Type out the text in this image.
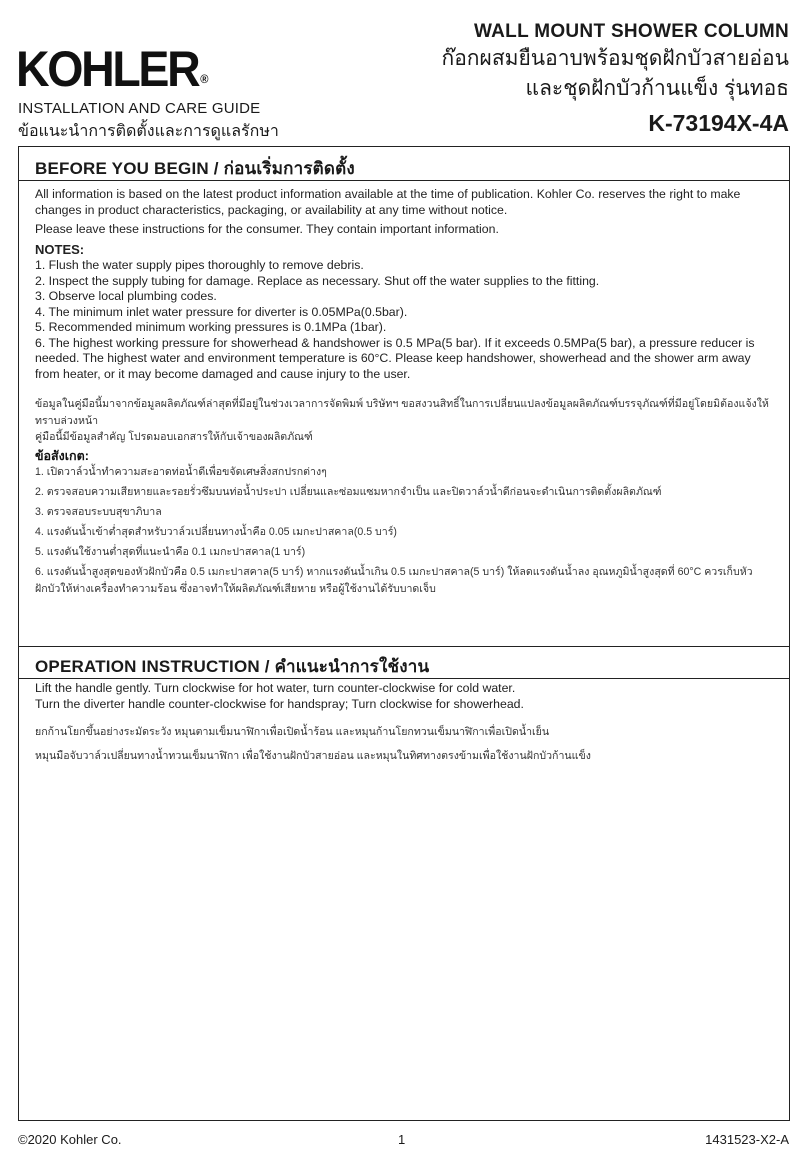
KOHLER ®
INSTALLATION AND CARE GUIDE
ข้อแนะนำการติดตั้งและการดูแลรักษา
WALL MOUNT SHOWER COLUMN
ก๊อกผสมยืนอาบพร้อมชุดฝักบัวสายอ่อน
และชุดฝักบัวก้านแข็ง รุ่นทอธ
K-73194X-4A
BEFORE YOU BEGIN / ก่อนเริ่มการติดตั้ง

All information is based on the latest product information available at the time of publication. Kohler Co. reserves the right to make changes in product characteristics, packaging, or availability at any time without notice.

Please leave these instructions for the consumer. They contain important information.

NOTES:
1. Flush the water supply pipes thoroughly to remove debris.
2. Inspect the supply tubing for damage. Replace as necessary. Shut off the water supplies to the fitting.
3. Observe local plumbing codes.
4. The minimum inlet water pressure for diverter is 0.05MPa(0.5bar).
5. Recommended minimum working pressures is 0.1MPa (1bar).
6. The highest working pressure for showerhead & handshower is 0.5 MPa(5 bar). If it exceeds 0.5MPa(5 bar), a pressure reducer is needed. The highest water and environment temperature is 60°C. Please keep handshower, showerhead and the shower arm away from heater, or it may become damaged and cause injury to the user.
ข้อมูลในคู่มือนี้มาจากข้อมูลผลิตภัณฑ์ล่าสุดที่มีอยู่ในช่วงเวลาการจัดพิมพ์ บริษัทฯ ขอสงวนสิทธิ์ในการเปลี่ยนแปลงข้อมูลผลิตภัณฑ์บรรจุภัณฑ์ที่มีอยู่โดยมิต้องแจ้งให้ทราบล่วงหน้า
คู่มือนี้มีข้อมูลสำคัญ โปรดมอบเอกสารให้กับเจ้าของผลิตภัณฑ์
ข้อสังเกต:
1. เปิดวาล์วน้ำทำความสะอาดท่อน้ำดีเพื่อขจัดเศษสิ่งสกปรกต่างๆ
2. ตรวจสอบความเสียหายและรอยรั่วซึมบนท่อน้ำประปา เปลี่ยนและซ่อมแซมหากจำเป็น และปิดวาล์วน้ำดีก่อนจะดำเนินการติดตั้งผลิตภัณฑ์
3. ตรวจสอบระบบสุขาภิบาล
4. แรงดันน้ำเข้าต่ำสุดสำหรับวาล์วเปลี่ยนทางน้ำคือ 0.05 เมกะปาสคาล(0.5 บาร์)
5. แรงดันใช้งานต่ำสุดที่แนะนำคือ 0.1 เมกะปาสคาล(1 บาร์)
6. แรงดันน้ำสูงสุดของหัวฝักบัวคือ 0.5 เมกะปาสคาล(5 บาร์) หากแรงดันน้ำเกิน 0.5 เมกะปาสคาล(5 บาร์) ให้ลดแรงดันน้ำลง อุณหภูมิน้ำสูงสุดที่ 60°C ควรเก็บหัวฝักบัวให้ห่างเครื่องทำความร้อน ซึ่งอาจทำให้ผลิตภัณฑ์เสียหาย หรือผู้ใช้งานได้รับบาดเจ็บ
OPERATION INSTRUCTION / คำแนะนำการใช้งาน
Lift the handle gently. Turn clockwise for hot water, turn counter-clockwise for cold water.
Turn the diverter handle counter-clockwise for handspray; Turn clockwise for showerhead.
ยกก้านโยกขึ้นอย่างระมัดระวัง หมุนตามเข็มนาฬิกาเพื่อเปิดน้ำร้อน และหมุนก้านโยกทวนเข็มนาฬิกาเพื่อเปิดน้ำเย็น
หมุนมือจับวาล์วเปลี่ยนทางน้ำทวนเข็มนาฬิกา เพื่อใช้งานฝักบัวสายอ่อน และหมุนในทิศทางตรงข้ามเพื่อใช้งานฝักบัวก้านแข็ง
©2020 Kohler Co.	1	1431523-X2-A
